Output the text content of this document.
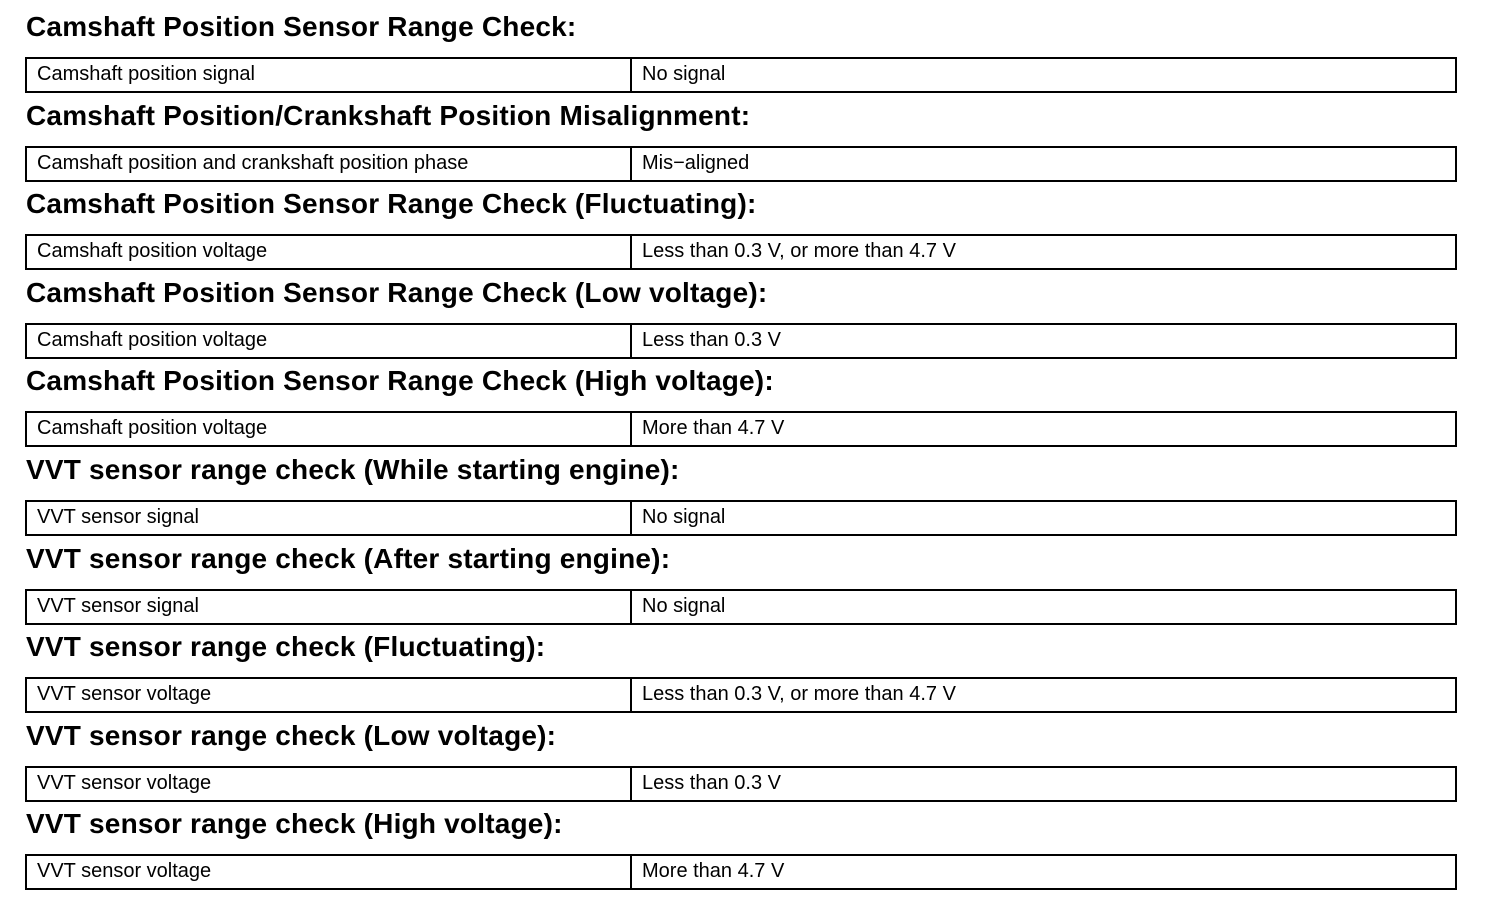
Camshaft Position Sensor Range Check:
Camshaft position signal	No signal
Camshaft Position/Crankshaft Position Misalignment:
Camshaft position and crankshaft position phase	Mis−aligned
Camshaft Position Sensor Range Check (Fluctuating):
Camshaft position voltage	Less than 0.3 V, or more than 4.7 V
Camshaft Position Sensor Range Check (Low voltage):
Camshaft position voltage	Less than 0.3 V
Camshaft Position Sensor Range Check (High voltage):
Camshaft position voltage	More than 4.7 V
VVT sensor range check (While starting engine):
VVT sensor signal	No signal
VVT sensor range check (After starting engine):
VVT sensor signal	No signal
VVT sensor range check (Fluctuating):
VVT sensor voltage	Less than 0.3 V, or more than 4.7 V
VVT sensor range check (Low voltage):
VVT sensor voltage	Less than 0.3 V
VVT sensor range check (High voltage):
VVT sensor voltage	More than 4.7 V
